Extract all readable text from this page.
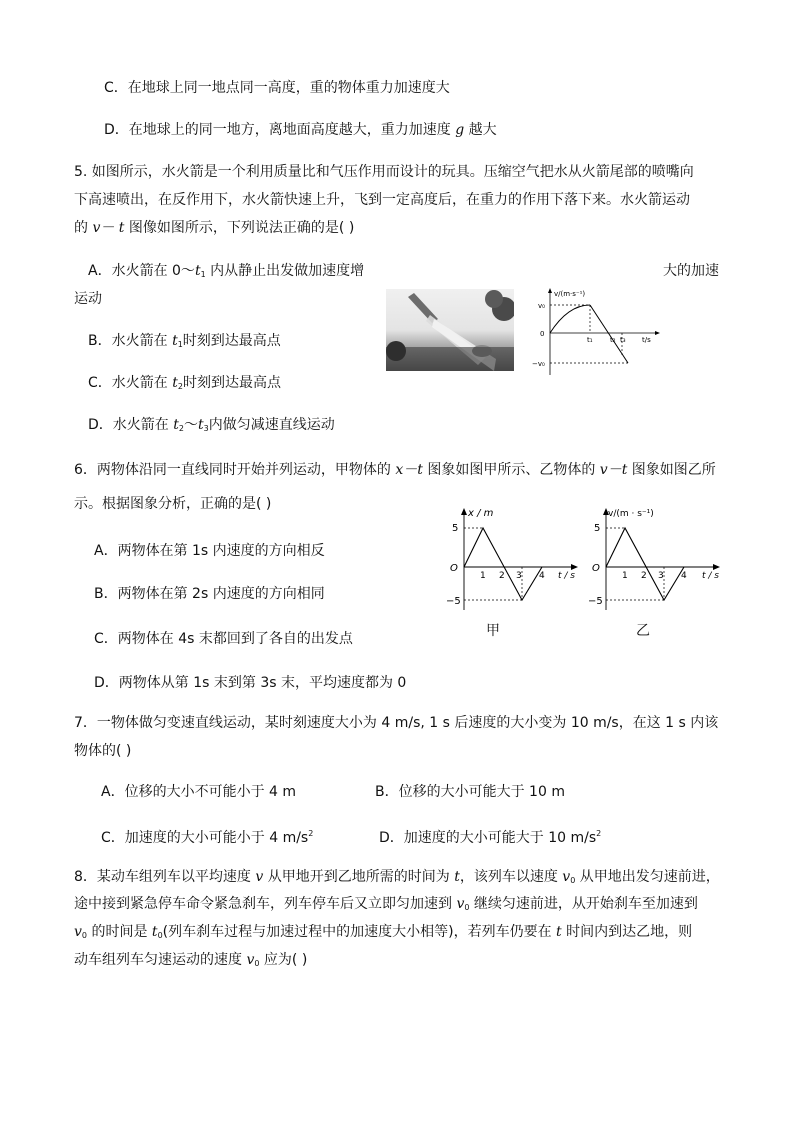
C．在地球上同一地点同一高度，重的物体重力加速度大
D．在地球上的同一地方，离地面高度越大，重力加速度 g 越大
5. 如图所示，水火箭是一个利用质量比和气压作用而设计的玩具。压缩空气把水从火箭尾部的喷嘴向
下高速喷出，在反作用下，水火箭快速上升，飞到一定高度后，在重力的作用下落下来。水火箭运动
的 v－ t 图像如图所示，下列说法正确的是( )
A．水火箭在 $0\sim t_1$ 内从静止出发做加速度增	大的加速
运动
B．水火箭在 $t_1$时刻到达最高点
C．水火箭在 $t_2$时刻到达最高点
D．水火箭在 $t_2\sim t_3$内做匀减速直线运动
v/(m·s⁻¹)
v₀
0
−v₀
t₁ t₂ t₃ t/s
6．两物体沿同一直线同时开始并列运动，甲物体的 x－t 图象如图甲所示、乙物体的 v－t 图象如图乙所
示。根据图象分析，正确的是( )
A．两物体在第 1s 内速度的方向相反
B．两物体在第 2s 内速度的方向相同
C．两物体在 4s 末都回到了各自的出发点
D．两物体从第 1s 末到第 3s 末，平均速度都为 0
x / m
5
O
−5
1 2 3 4 t / s
甲
v/(m · s⁻¹)
5
O
−5
1 2 3 4 t / s
乙
7．一物体做匀变速直线运动，某时刻速度大小为 4 m/s, 1 s 后速度的大小变为 10 m/s，在这 1 s 内该
物体的( )
A．位移的大小不可能小于 4 m	B．位移的大小可能大于 10 m
C．加速度的大小可能小于 4 $m/s^2$	D．加速度的大小可能大于 10 $m/s^2$
8．某动车组列车以平均速度 v 从甲地开到乙地所需的时间为 t，该列车以速度 $v_0$ 从甲地出发匀速前进，
途中接到紧急停车命令紧急刹车，列车停车后又立即匀加速到 $v_0$ 继续匀速前进，从开始刹车至加速到
$v_0$ 的时间是 $t_0$(列车刹车过程与加速过程中的加速度大小相等)，若列车仍要在 t 时间内到达乙地，则
动车组列车匀速运动的速度 $v_0$ 应为( )
